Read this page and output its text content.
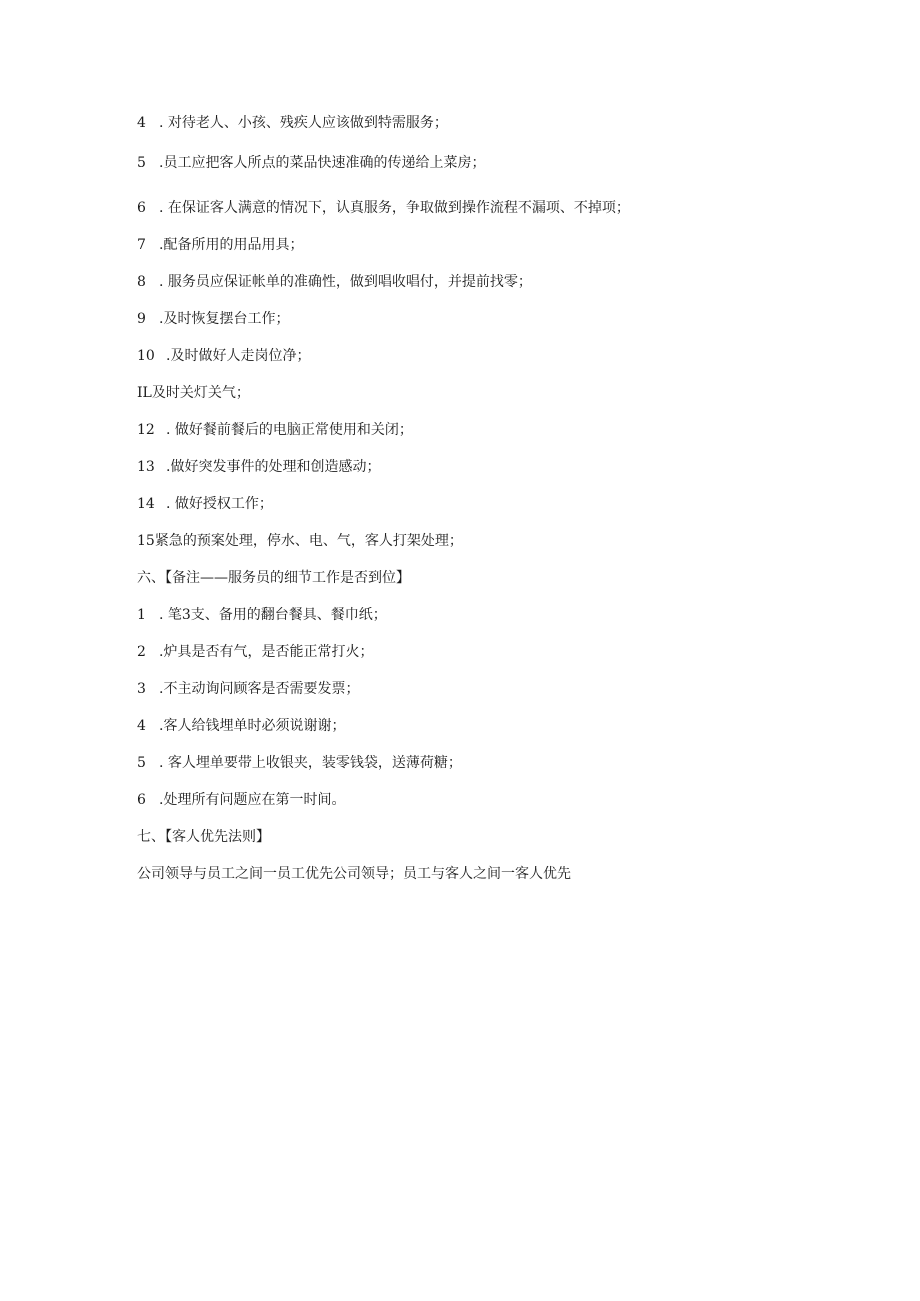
4 . 对待老人、小孩、残疾人应该做到特需服务；
5 .员工应把客人所点的菜品快速准确的传递给上菜房；
6 . 在保证客人满意的情况下，认真服务，争取做到操作流程不漏项、不掉项；
7 .配备所用的用品用具；
8 . 服务员应保证帐单的准确性，做到唱收唱付，并提前找零；
9 .及时恢复摆台工作；
10 .及时做好人走岗位净；
IL及时关灯关气；
12 . 做好餐前餐后的电脑正常使用和关闭；
13 .做好突发事件的处理和创造感动；
14 . 做好授权工作；
15紧急的预案处理，停水、电、气，客人打架处理；
六、【备注——服务员的细节工作是否到位】
1 . 笔3支、备用的翻台餐具、餐巾纸；
2 .炉具是否有气，是否能正常打火；
3 .不主动询问顾客是否需要发票；
4 .客人给钱埋单时必须说谢谢；
5 . 客人埋单要带上收银夹，装零钱袋，送薄荷糖；
6 .处理所有问题应在第一时间。
七、【客人优先法则】
公司领导与员工之间一员工优先公司领导；员工与客人之间一客人优先
